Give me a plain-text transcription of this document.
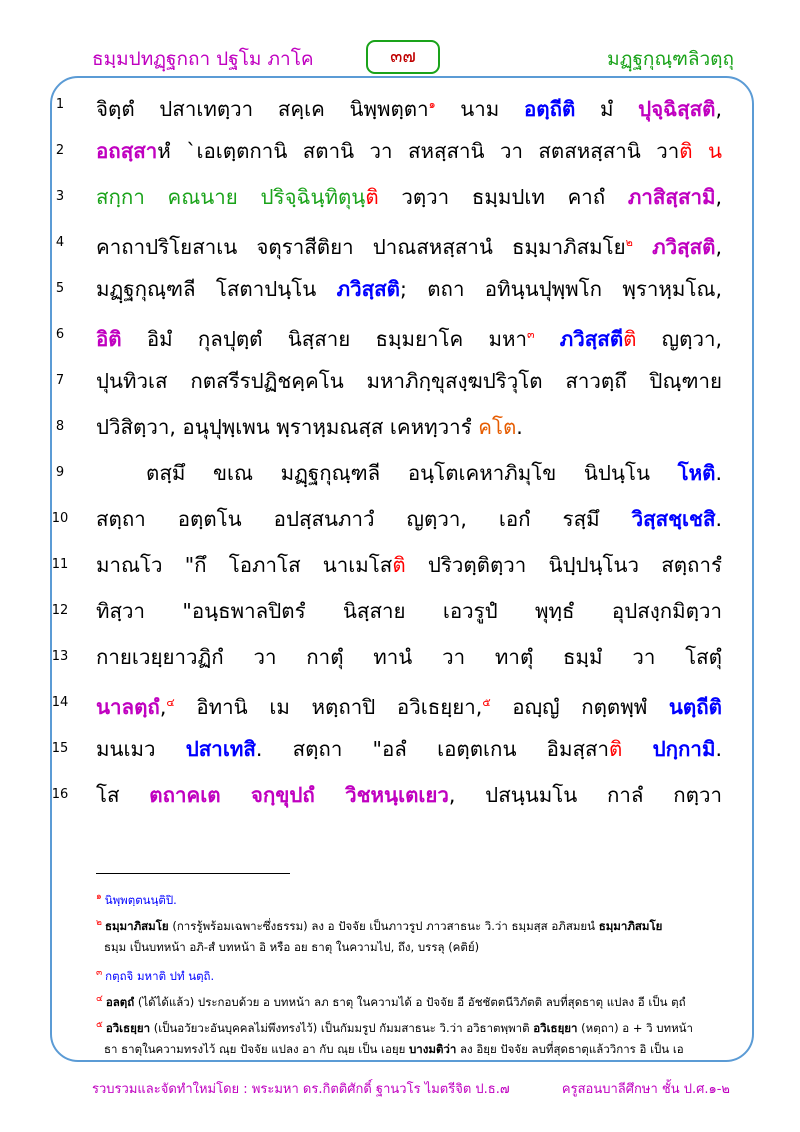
ธมฺมปทฏฺฐกถา ปฐโม ภาโค	๓๗	มฏฺฐกุณฺฑลิวตฺถุ
1	จิตฺตํ ปสาเทตฺวา สคฺเค นิพฺพตฺตา$^๑$ นาม อตฺถีติ มํ ปุจฺฉิสฺสติ,
2	อถสฺสาหํ `เอเตฺตกานิ สตานิ วา สหสฺสานิ วา สตสหสฺสานิ วาติ น
3	สกฺกา คณนาย ปริจฺฉินฺทิตุนฺติ วตฺวา ธมฺมปเท คาถํ ภาสิสฺสามิ,
4	คาถาปริโยสาเน จตุราสีติยา ปาณสหสฺสานํ ธมฺมาภิสมโย$^๒$ ภวิสฺสติ,
5	มฏฺฐกุณฺฑลี โสตาปนฺโน ภวิสฺสติ; ตถา อทินฺนปุพฺพโก พฺราหฺมโณ,
6	อิติ อิมํ กุลปุตฺตํ นิสฺสาย ธมฺมยาโค มหา$^๓$ ภวิสฺสตีติ ญตฺวา,
7	ปุนทิวเส กตสรีรปฏิชคฺคโน มหาภิกฺขุสงฺฆปริวุโต สาวตฺถึ ปิณฺฑาย
8	ปวิสิตฺวา, อนุปุพฺเพน พฺราหฺมณสฺส เคหทฺวารํ คโต.
9	ตสฺมึ ขเณ มฏฺฐกุณฺฑลี อนฺโตเคหาภิมุโข นิปนฺโน โหติ.
10	สตฺถา อตฺตโน อปสฺสนภาวํ ญตฺวา, เอกํ รสฺมึ วิสฺสชฺเชสิ.
11	มาณโว "กึ โอภาโส นาเมโสติ ปริวตฺติตฺวา นิปฺปนฺโนว สตฺถารํ
12	ทิสฺวา "อนฺธพาลปิตรํ นิสฺสาย เอวรูปํ พุทฺธํ อุปสงฺกมิตฺวา
13	กายเวยฺยาวฏิกํ วา กาตุํ ทานํ วา ทาตุํ ธมฺมํ วา โสตุํ
14	นาลตฺถํ,$^๔$ อิทานิ เม หตฺถาปิ อวิเธยฺยา,$^๕$ อญฺญํ กตฺตพฺพํ นตฺถีติ
15	มนเมว ปสาเทสิ. สตฺถา "อลํ เอตฺตเกน อิมสฺสาติ ปกฺกามิ.
16	โส ตถาคเต จกฺขุปถํ วิชหนฺเตเยว, ปสนฺนมโน กาลํ กตฺวา
$^๑$ นิพฺพตฺตนนฺติปิ.
$^๒$ ธมฺมาภิสมโย (การรู้พร้อมเฉพาะซึ่งธรรม) ลง อ ปัจจัย เป็นภาวรูป ภาวสาธนะ วิ.ว่า ธมฺมสฺส อภิสมยนํ ธมฺมาภิสมโย
ธมฺม เป็นบทหน้า อภิ-สํ บทหน้า อิ หรือ อย ธาตุ ในความไป, ถึง, บรรลุ (คติย์)
$^๓$ กตฺถจิ มหาติ ปทํ นตฺถิ.
$^๔$ อลตฺถํ (ได้ได้แล้ว) ประกอบด้วย อ บทหน้า ลภ ธาตุ ในความได้ อ ปัจจัย อี อัชชัตตนีวิภัตติ ลบที่สุดธาตุ แปลง อี เป็น ตฺถํ
$^๕$ อวิเธยฺยา (เป็นอวัยวะอันบุคคลไม่พึงทรงไว้) เป็นกัมมรูป กัมมสาธนะ วิ.ว่า อวิธาตพฺพาติ อวิเธยฺยา (หตฺถา) อ + วิ บทหน้า
ธา ธาตุในความทรงไว้ ณฺย ปัจจัย แปลง อา กับ ณฺย เป็น เอยฺย บางมติว่า ลง อิยฺย ปัจจัย ลบที่สุดธาตุแล้ววิการ อิ เป็น เอ
รวบรวมและจัดทำใหม่โดย : พระมหา ดร.กิตติศักดิ์ ฐานวโร ไมตรีจิต ป.ธ.๗	ครูสอนบาลีศึกษา ชั้น ป.ศ.๑-๒
